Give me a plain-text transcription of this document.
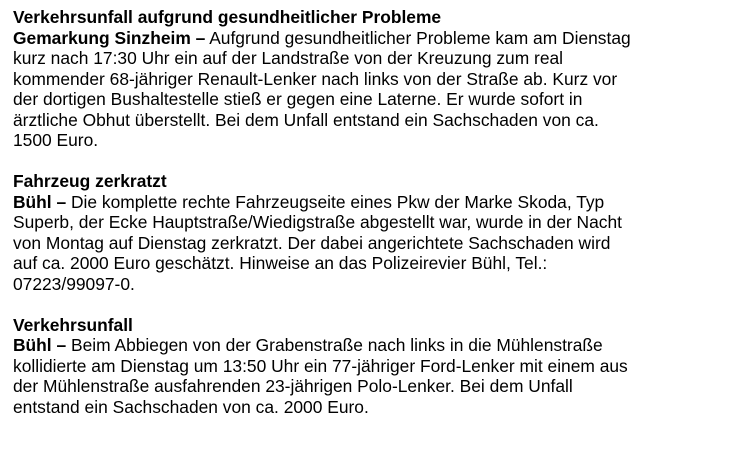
Verkehrsunfall aufgrund gesundheitlicher Probleme

Gemarkung Sinzheim – Aufgrund gesundheitlicher Probleme kam am Dienstag
kurz nach 17:30 Uhr ein auf der Landstraße von der Kreuzung zum real
kommender 68-jähriger Renault-Lenker nach links von der Straße ab. Kurz vor
der dortigen Bushaltestelle stieß er gegen eine Laterne. Er wurde sofort in
ärztliche Obhut überstellt. Bei dem Unfall entstand ein Sachschaden von ca.
1500 Euro.

Fahrzeug zerkratzt

Bühl – Die komplette rechte Fahrzeugseite eines Pkw der Marke Skoda, Typ
Superb, der Ecke Hauptstraße/Wiedigstraße abgestellt war, wurde in der Nacht
von Montag auf Dienstag zerkratzt. Der dabei angerichtete Sachschaden wird
auf ca. 2000 Euro geschätzt. Hinweise an das Polizeirevier Bühl, Tel.:
07223/99097-0.

Verkehrsunfall

Bühl – Beim Abbiegen von der Grabenstraße nach links in die Mühlenstraße
kollidierte am Dienstag um 13:50 Uhr ein 77-jähriger Ford-Lenker mit einem aus
der Mühlenstraße ausfahrenden 23-jährigen Polo-Lenker. Bei dem Unfall
entstand ein Sachschaden von ca. 2000 Euro.
